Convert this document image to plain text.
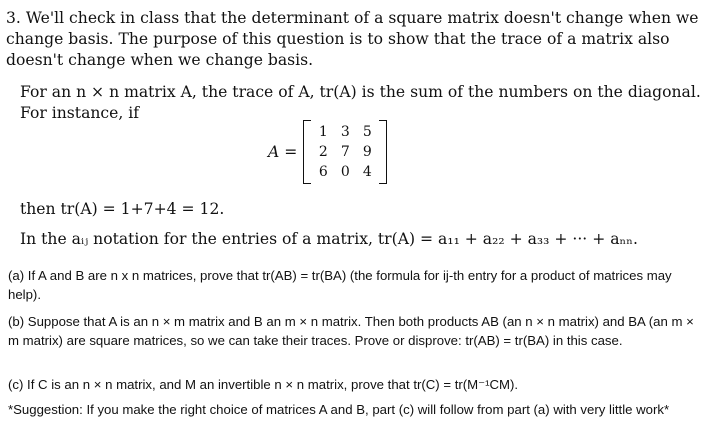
3. We'll check in class that the determinant of a square matrix doesn't change when we change basis. The purpose of this question is to show that the trace of a matrix also doesn't change when we change basis.

For an n × n matrix A, the trace of A, tr(A) is the sum of the numbers on the diagonal. For instance, if

A =
1 3 5
2 7 9
6 0 4
then tr(A) = 1+7+4 = 12.
In the aᵢⱼ notation for the entries of a matrix, tr(A) = a₁₁ + a₂₂ + a₃₃ + ··· + aₙₙ.

(a) If A and B are n x n matrices, prove that tr(AB) = tr(BA) (the formula for ij-th entry for a product of matrices may help).

(b) Suppose that A is an n × m matrix and B an m × n matrix. Then both products AB (an n × n matrix) and BA (an m × m matrix) are square matrices, so we can take their traces. Prove or disprove: tr(AB) = tr(BA) in this case.

(c) If C is an n × n matrix, and M an invertible n × n matrix, prove that tr(C) = tr(M⁻¹CM).

*Suggestion: If you make the right choice of matrices A and B, part (c) will follow from part (a) with very little work*
